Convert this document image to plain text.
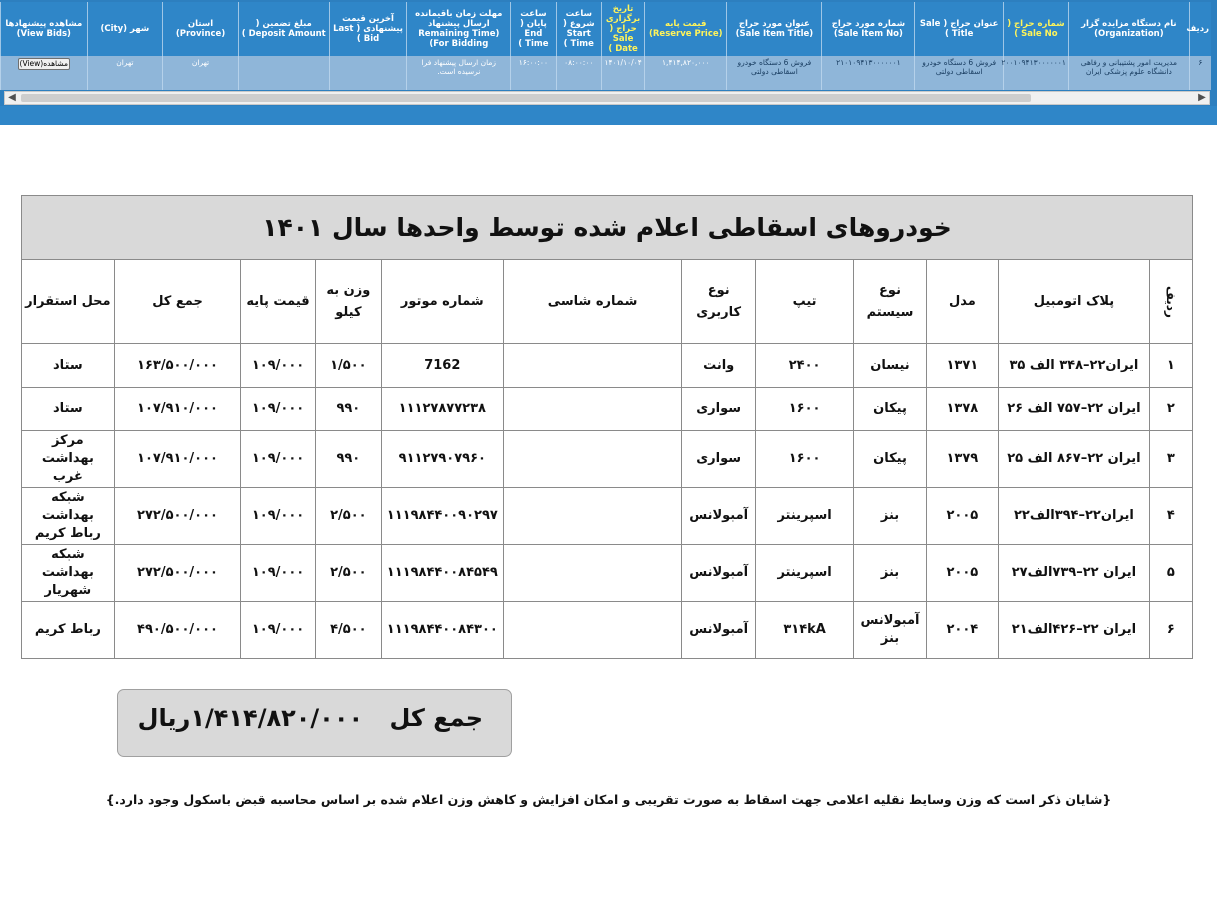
ردیف	نام دستگاه مزایده گزار (Organization)	شماره حراج ( Sale No )	عنوان حراج ( Sale Title )	شماره مورد حراج (Sale Item No)	عنوان مورد حراج (Sale Item Title)	قیمت پایه (Reserve Price)	تاریخ برگزاری حراج ( Sale Date )	ساعت شروع ( Start Time )	ساعت پایان ( End Time )	مهلت زمان باقیمانده ارسال پیشنهاد (Remaining Time For Bidding)	آخرین قیمت پیشنهادی ( Last Bid )	مبلغ تضمین ( Deposit Amount )	استان (Province)	شهر (City)	مشاهده پیشنهادها (View Bids)
۶	مدیریت امور پشتیبانی و رفاهی دانشگاه علوم پزشکی ایران	۲۰۰۱۰۹۴۱۳۰۰۰۰۰۰۱	فروش 6 دستگاه خودرو اسقاطی دولتی	۲۱۰۱۰۹۴۱۳۰۰۰۰۰۰۱	فروش 6 دستگاه خودرو اسقاطی دولتی	۱,۴۱۴,۸۲۰,۰۰۰	۱۴۰۱/۱۰/۰۴	۰۸:۰۰:۰۰	۱۶:۰۰:۰۰	زمان ارسال پیشنهاد فرا نرسیده است.			تهران	تهران	مشاهده(View)
◀	▶
خودروهای اسقاطی اعلام شده توسط واحدها سال ۱۴۰۱											
ردیف	پلاک اتومبیل	مدل	نوع سیستم	تیپ	نوع کاربری	شماره شاسی	شماره موتور	وزن به کیلو	قیمت پایه	جمع کل	محل استقرار
۱	ایران۲۲–۳۴۸ الف ۳۵	۱۳۷۱	نیسان	۲۴۰۰	وانت		7162	۱/۵۰۰	۱۰۹/۰۰۰	۱۶۳/۵۰۰/۰۰۰	ستاد
۲	ایران ۲۲–۷۵۷ الف ۲۶	۱۳۷۸	پیکان	۱۶۰۰	سواری		۱۱۱۲۷۸۷۷۲۳۸	۹۹۰	۱۰۹/۰۰۰	۱۰۷/۹۱۰/۰۰۰	ستاد
۳	ایران ۲۲–۸۶۷ الف ۲۵	۱۳۷۹	پیکان	۱۶۰۰	سواری		۹۱۱۲۷۹۰۷۹۶۰	۹۹۰	۱۰۹/۰۰۰	۱۰۷/۹۱۰/۰۰۰	مرکز بهداشت غرب
۴	ایران۲۲–۳۹۴الف۲۲	۲۰۰۵	بنز	اسپرینتر	آمبولانس		۱۱۱۹۸۴۴۰۰۹۰۲۹۷	۲/۵۰۰	۱۰۹/۰۰۰	۲۷۲/۵۰۰/۰۰۰	شبکه بهداشت رباط کریم
۵	ایران ۲۲–۷۳۹الف۲۷	۲۰۰۵	بنز	اسپرینتر	آمبولانس		۱۱۱۹۸۴۴۰۰۸۴۵۴۹	۲/۵۰۰	۱۰۹/۰۰۰	۲۷۲/۵۰۰/۰۰۰	شبکه بهداشت شهریار
۶	ایران ۲۲–۴۲۶الف۲۱	۲۰۰۴	آمبولانس بنز	۳۱۴kA	آمبولانس		۱۱۱۹۸۴۴۰۰۸۴۳۰۰	۴/۵۰۰	۱۰۹/۰۰۰	۴۹۰/۵۰۰/۰۰۰	رباط کریم
جمع کل ۱/۴۱۴/۸۲۰/۰۰۰ریال
{شایان ذکر است که وزن وسایط نقلیه اعلامی جهت اسقاط به صورت تقریبی و امکان افزایش و کاهش وزن اعلام شده بر اساس محاسبه قبض باسکول وجود دارد.}
